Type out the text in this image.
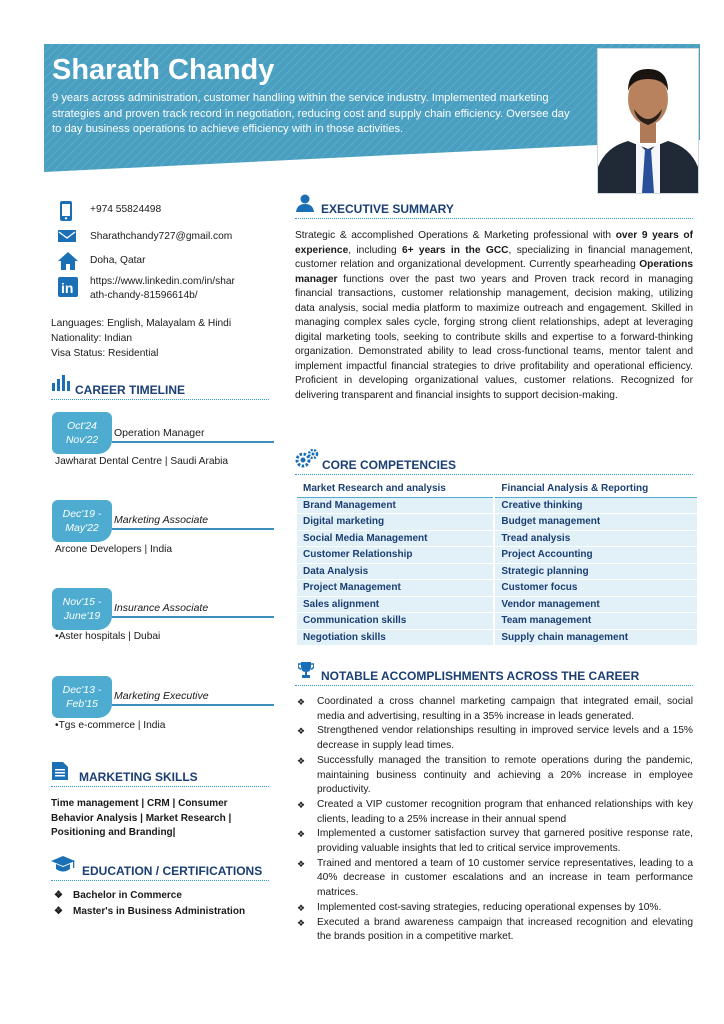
Sharath Chandy
9 years across administration, customer handling within the service industry. Implemented marketing strategies and proven track record in negotiation, reducing cost and supply chain efficiency. Oversee day to day business operations to achieve efficiency with in those activities.
+974 55824498
Sharathchandy727@gmail.com
Doha, Qatar
in https://www.linkedin.com/in/shar
ath-chandy-81596614b/
Languages: English, Malayalam & Hindi
Nationality: Indian
Visa Status: Residential
CAREER TIMELINE
Oct'24
Nov'22
Operation Manager
Jawharat Dental Centre | Saudi Arabia
Dec'19 -
May'22
Marketing Associate
Arcone Developers | India
Nov'15 -
June'19
Insurance Associate
•Aster hospitals | Dubai
Dec'13 -
Feb'15
Marketing Executive
•Tgs e-commerce | India
MARKETING SKILLS
Time management | CRM | Consumer
Behavior Analysis | Market Research |
Positioning and Branding|
EDUCATION / CERTIFICATIONS
❖ Bachelor in Commerce
❖ Master's in Business Administration
EXECUTIVE SUMMARY
Strategic & accomplished Operations & Marketing professional with over 9 years of experience, including 6+ years in the GCC, specializing in financial management, customer relation and organizational development. Currently spearheading Operations manager functions over the past two years and Proven track record in managing financial transactions, customer relationship management, decision making, utilizing data analysis, social media platform to maximize outreach and engagement. Skilled in managing complex sales cycle, forging strong client relationships, adept at leveraging digital marketing tools, seeking to contribute skills and expertise to a forward-thinking organization. Demonstrated ability to lead cross-functional teams, mentor talent and implement impactful financial strategies to drive profitability and operational efficiency. Proficient in developing organizational values, customer relations. Recognized for delivering transparent and financial insights to support decision-making.
CORE COMPETENCIES
Market Research and analysis	Financial Analysis & Reporting
Brand Management	Creative thinking
Digital marketing	Budget management
Social Media Management	Tread analysis
Customer Relationship	Project Accounting
Data Analysis	Strategic planning
Project Management	Customer focus
Sales alignment	Vendor management
Communication skills	Team management
Negotiation skills	Supply chain management
NOTABLE ACCOMPLISHMENTS ACROSS THE CAREER
❖ Coordinated a cross channel marketing campaign that integrated email, social media and advertising, resulting in a 35% increase in leads generated.
❖ Strengthened vendor relationships resulting in improved service levels and a 15% decrease in supply lead times.
❖ Successfully managed the transition to remote operations during the pandemic, maintaining business continuity and achieving a 20% increase in employee productivity.
❖ Created a VIP customer recognition program that enhanced relationships with key clients, leading to a 25% increase in their annual spend
❖ Implemented a customer satisfaction survey that garnered positive response rate, providing valuable insights that led to critical service improvements.
❖ Trained and mentored a team of 10 customer service representatives, leading to a 40% decrease in customer escalations and an increase in team performance matrices.
❖ Implemented cost-saving strategies, reducing operational expenses by 10%.
❖ Executed a brand awareness campaign that increased recognition and elevating the brands position in a competitive market.
